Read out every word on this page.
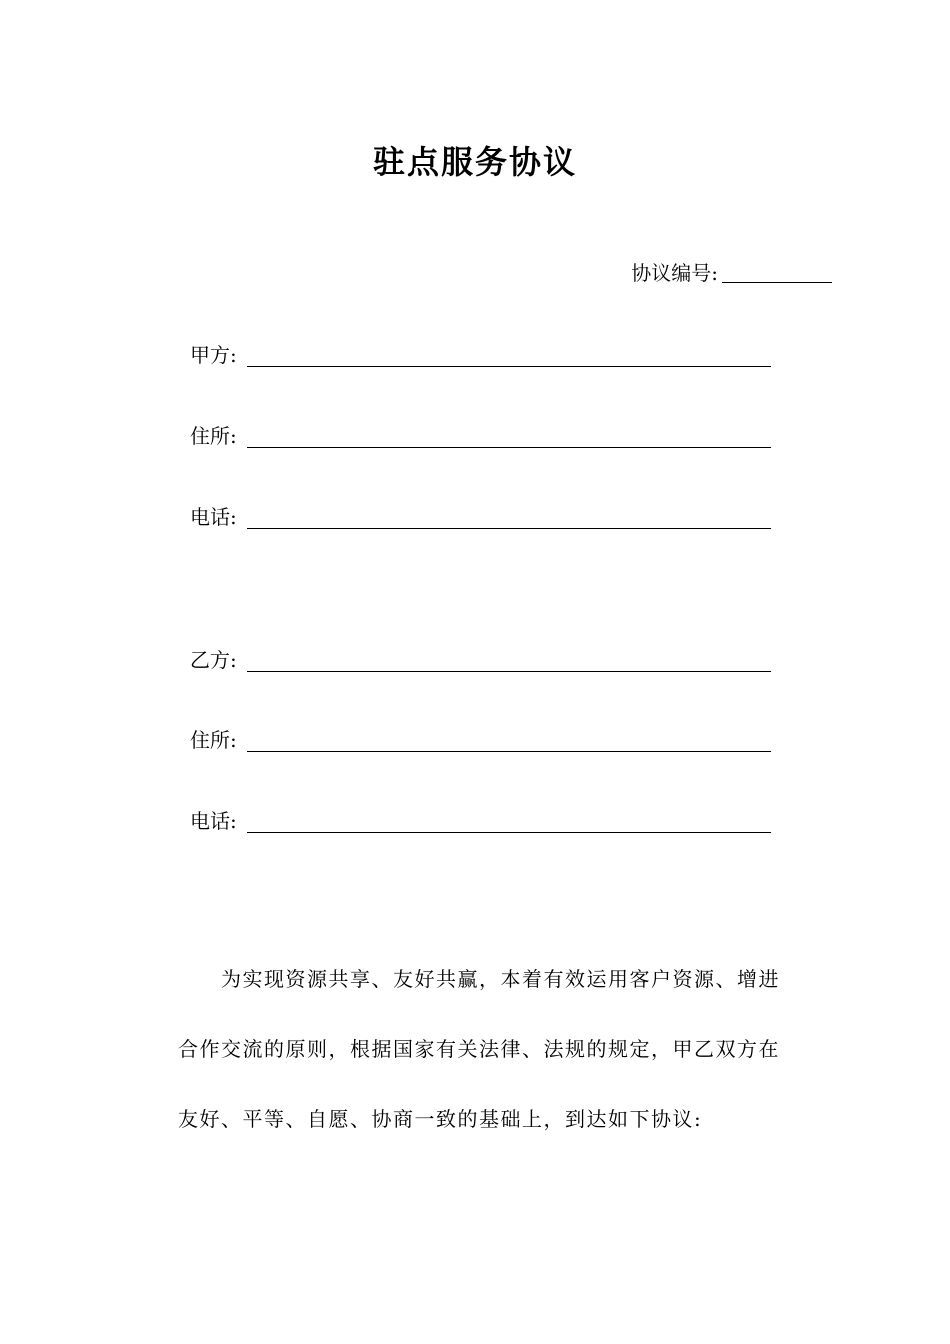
驻点服务协议
协议编号:
甲方:
住所:
电话:
乙方:
住所:
电话:
　　为实现资源共享、友好共赢，本着有效运用客户资源、增进
合作交流的原则，根据国家有关法律、法规的规定，甲乙双方在
友好、平等、自愿、协商一致的基础上，到达如下协议:
